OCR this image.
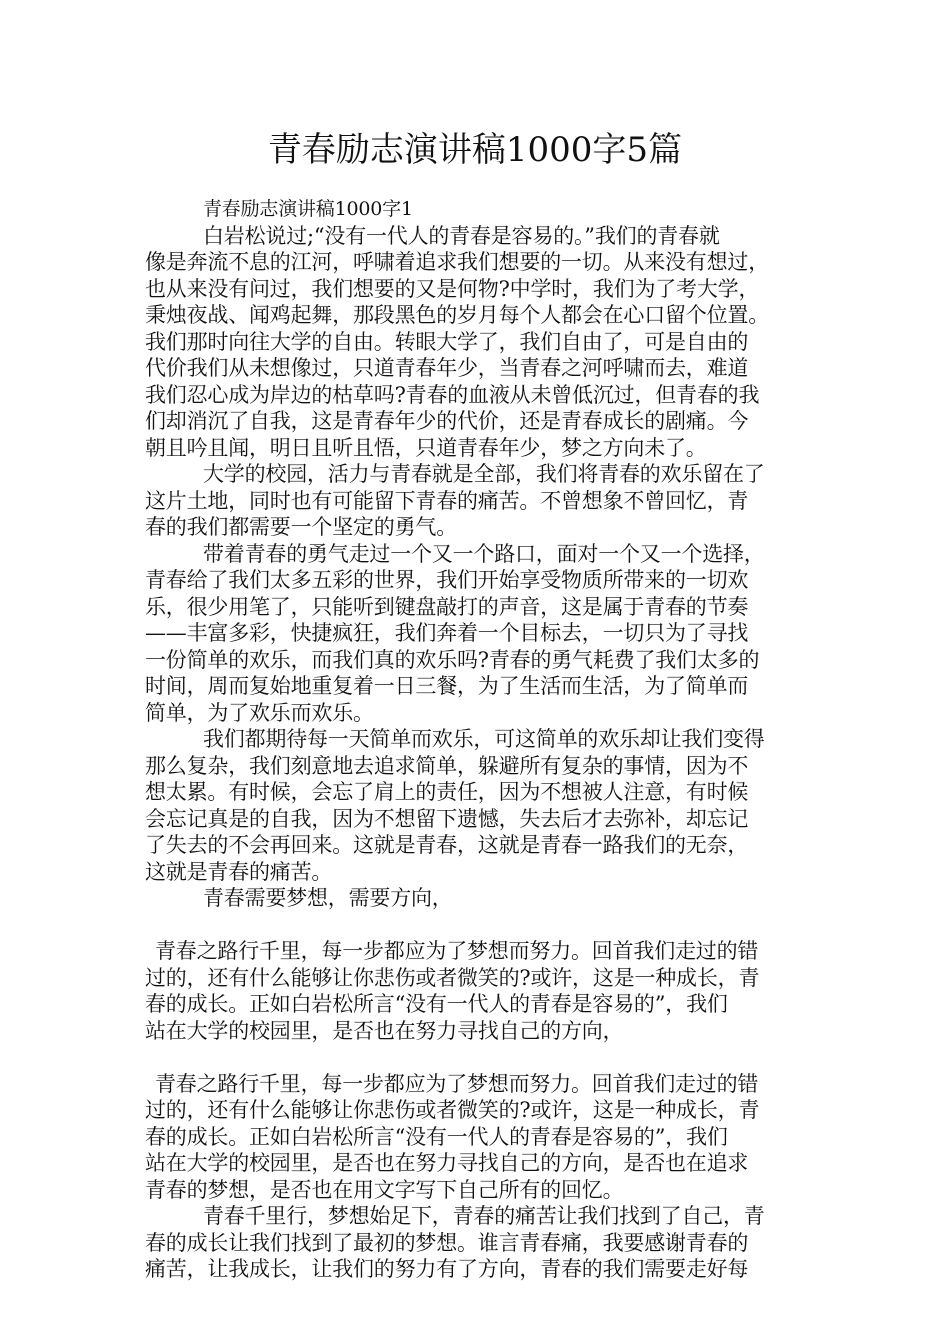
青春励志演讲稿1000字5篇
青春励志演讲稿1000字1
白岩松说过;“没有一代人的青春是容易的。”我们的青春就
像是奔流不息的江河，呼啸着追求我们想要的一切。从来没有想过，
也从来没有问过，我们想要的又是何物?中学时，我们为了考大学，
秉烛夜战、闻鸡起舞，那段黑色的岁月每个人都会在心口留个位置。
我们那时向往大学的自由。转眼大学了，我们自由了，可是自由的
代价我们从未想像过，只道青春年少，当青春之河呼啸而去，难道
我们忍心成为岸边的枯草吗?青春的血液从未曾低沉过，但青春的我
们却消沉了自我，这是青春年少的代价，还是青春成长的剧痛。今
朝且吟且闻，明日且听且悟，只道青春年少，梦之方向未了。
大学的校园，活力与青春就是全部，我们将青春的欢乐留在了
这片土地，同时也有可能留下青春的痛苦。不曾想象不曾回忆，青
春的我们都需要一个坚定的勇气。
带着青春的勇气走过一个又一个路口，面对一个又一个选择，
青春给了我们太多五彩的世界，我们开始享受物质所带来的一切欢
乐，很少用笔了，只能听到键盘敲打的声音，这是属于青春的节奏
——丰富多彩，快捷疯狂，我们奔着一个目标去，一切只为了寻找
一份简单的欢乐，而我们真的欢乐吗?青春的勇气耗费了我们太多的
时间，周而复始地重复着一日三餐，为了生活而生活，为了简单而
简单，为了欢乐而欢乐。
我们都期待每一天简单而欢乐，可这简单的欢乐却让我们变得
那么复杂，我们刻意地去追求简单，躲避所有复杂的事情，因为不
想太累。有时候，会忘了肩上的责任，因为不想被人注意，有时候
会忘记真是的自我，因为不想留下遗憾，失去后才去弥补，却忘记
了失去的不会再回来。这就是青春，这就是青春一路我们的无奈，
这就是青春的痛苦。
青春需要梦想，需要方向，
青春之路行千里，每一步都应为了梦想而努力。回首我们走过的错
过的，还有什么能够让你悲伤或者微笑的?或许，这是一种成长，青
春的成长。正如白岩松所言“没有一代人的青春是容易的”，我们
站在大学的校园里，是否也在努力寻找自己的方向，
青春之路行千里，每一步都应为了梦想而努力。回首我们走过的错
过的，还有什么能够让你悲伤或者微笑的?或许，这是一种成长，青
春的成长。正如白岩松所言“没有一代人的青春是容易的”，我们
站在大学的校园里，是否也在努力寻找自己的方向，是否也在追求
青春的梦想，是否也在用文字写下自己所有的回忆。
青春千里行，梦想始足下，青春的痛苦让我们找到了自己，青
春的成长让我们找到了最初的梦想。谁言青春痛，我要感谢青春的
痛苦，让我成长，让我们的努力有了方向，青春的我们需要走好每
